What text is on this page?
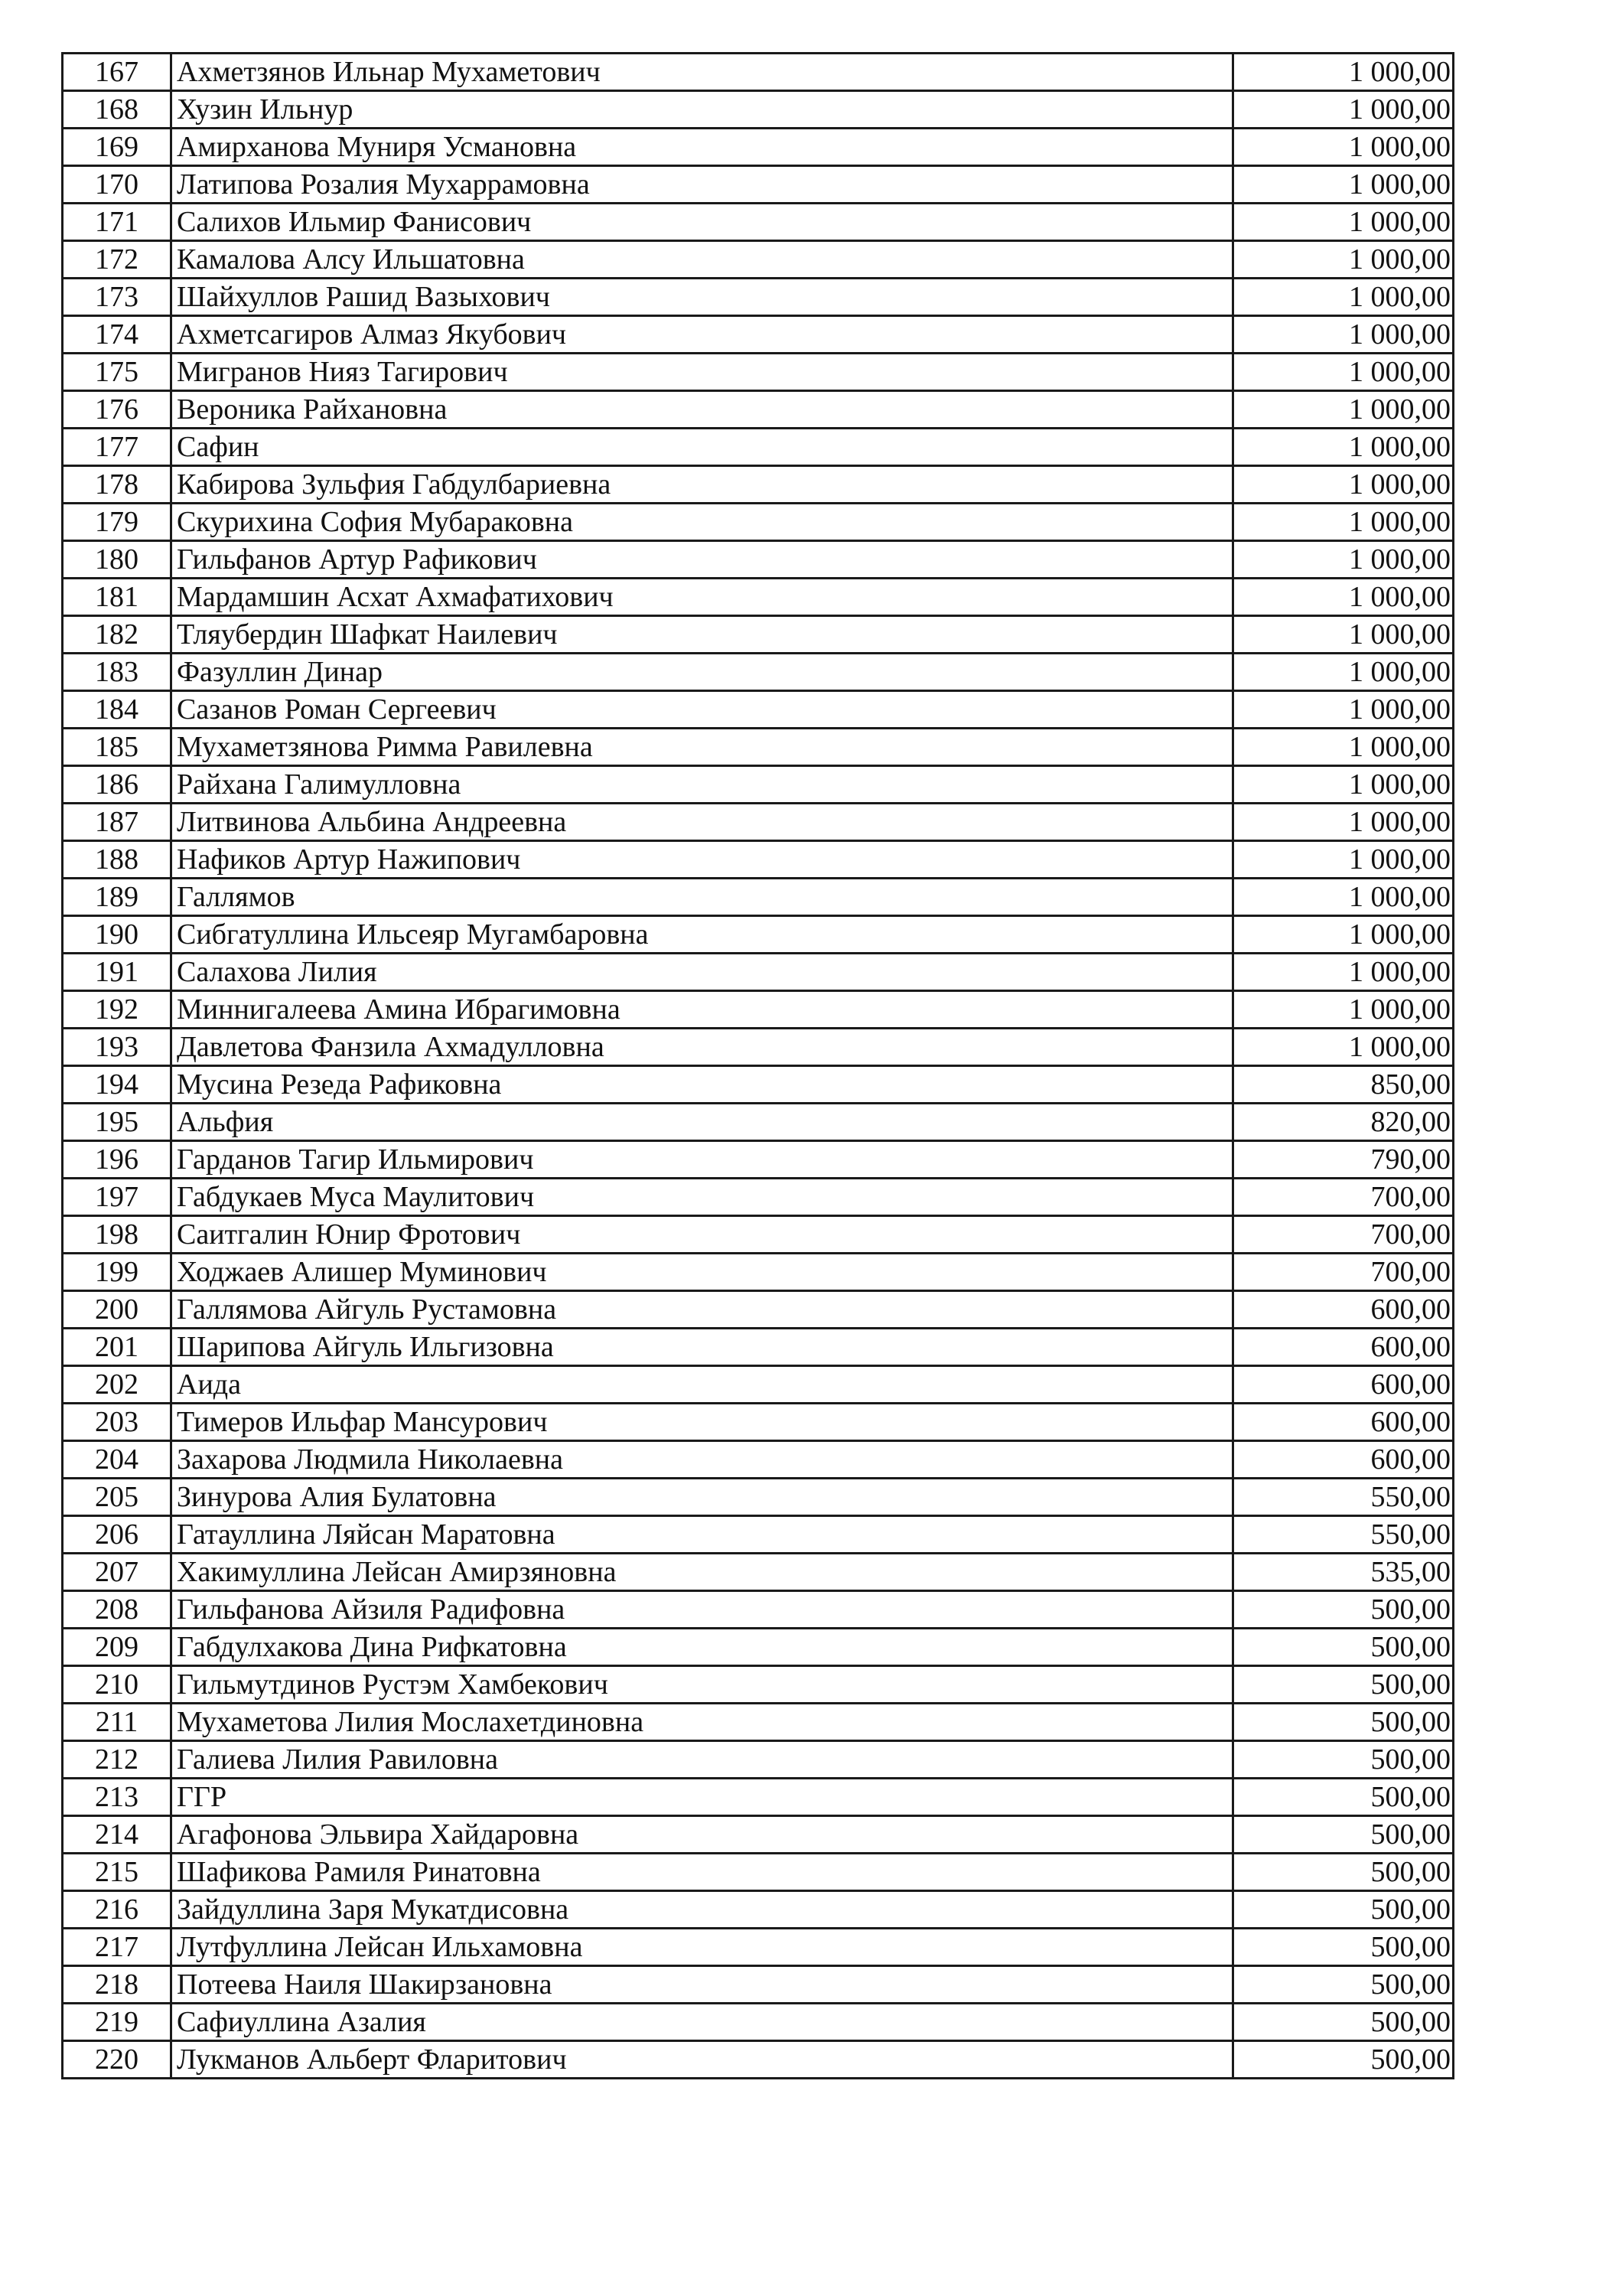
167	Ахметзянов Ильнар Мухаметович	1 000,00
168	Хузин Ильнур	1 000,00
169	Амирханова Муниря Усмановна	1 000,00
170	Латипова Розалия Мухаррамовна	1 000,00
171	Салихов Ильмир Фанисович	1 000,00
172	Камалова Алсу Ильшатовна	1 000,00
173	Шайхуллов Рашид Вазыхович	1 000,00
174	Ахметсагиров Алмаз Якубович	1 000,00
175	Мигранов Нияз Тагирович	1 000,00
176	Вероника Райхановна	1 000,00
177	Сафин	1 000,00
178	Кабирова Зульфия Габдулбариевна	1 000,00
179	Скурихина София Мубараковна	1 000,00
180	Гильфанов Артур Рафикович	1 000,00
181	Мардамшин Асхат Ахмафатихович	1 000,00
182	Тляубердин Шафкат Наилевич	1 000,00
183	Фазуллин Динар	1 000,00
184	Сазанов Роман Сергеевич	1 000,00
185	Мухаметзянова Римма Равилевна	1 000,00
186	Райхана Галимулловна	1 000,00
187	Литвинова Альбина Андреевна	1 000,00
188	Нафиков Артур Нажипович	1 000,00
189	Галлямов	1 000,00
190	Сибгатуллина Ильсеяр Мугамбаровна	1 000,00
191	Салахова Лилия	1 000,00
192	Миннигалеева Амина Ибрагимовна	1 000,00
193	Давлетова Фанзила Ахмадулловна	1 000,00
194	Мусина Резеда Рафиковна	850,00
195	Альфия	820,00
196	Гарданов Тагир Ильмирович	790,00
197	Габдукаев Муса Маулитович	700,00
198	Саитгалин Юнир Фротович	700,00
199	Ходжаев Алишер Муминович	700,00
200	Галлямова Айгуль Рустамовна	600,00
201	Шарипова Айгуль Ильгизовна	600,00
202	Аида	600,00
203	Тимеров Ильфар Мансурович	600,00
204	Захарова Людмила Николаевна	600,00
205	Зинурова Алия Булатовна	550,00
206	Гатауллина Ляйсан Маратовна	550,00
207	Хакимуллина Лейсан Амирзяновна	535,00
208	Гильфанова Айзиля Радифовна	500,00
209	Габдулхакова Дина Рифкатовна	500,00
210	Гильмутдинов Рустэм Хамбекович	500,00
211	Мухаметова Лилия Мослахетдиновна	500,00
212	Галиева Лилия Равиловна	500,00
213	ГГР	500,00
214	Агафонова Эльвира Хайдаровна	500,00
215	Шафикова Рамиля Ринатовна	500,00
216	Зайдуллина Заря Мукатдисовна	500,00
217	Лутфуллина Лейсан Ильхамовна	500,00
218	Потеева Наиля Шакирзановна	500,00
219	Сафиуллина Азалия	500,00
220	Лукманов Альберт Фларитович	500,00
